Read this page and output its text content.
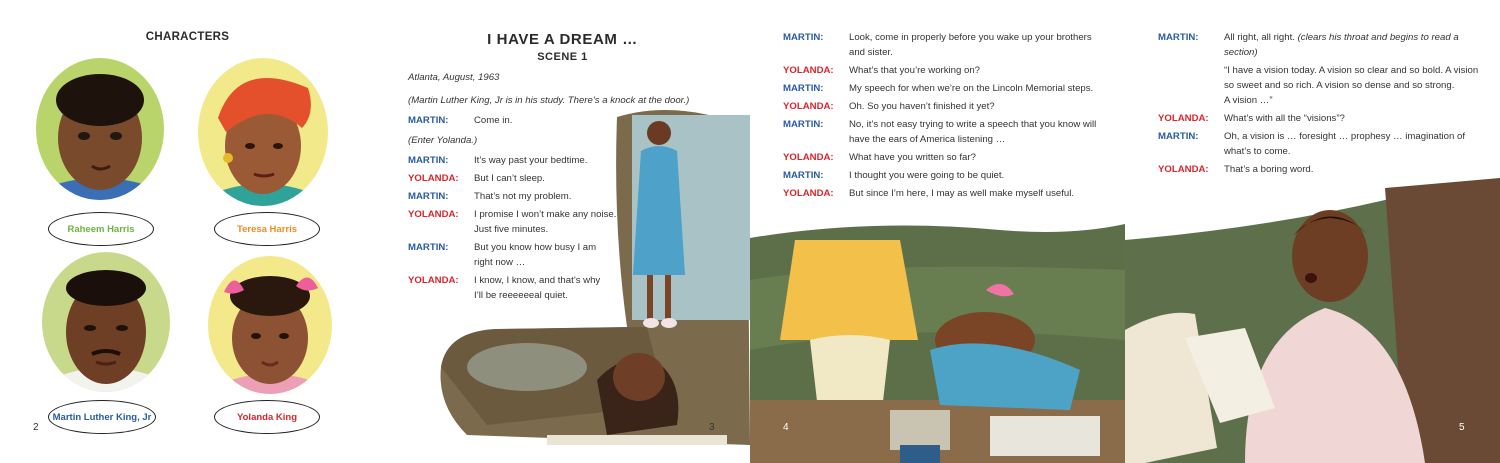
CHARACTERS
Raheem Harris	Teresa Harris
Martin Luther King, Jr	Yolanda King
2
I HAVE A DREAM …
SCENE 1
Atlanta, August, 1963
(Martin Luther King, Jr is in his study. There’s a knock at the door.)
MARTIN:	Come in.
(Enter Yolanda.)
MARTIN:	It’s way past your bedtime.
YOLANDA: But I can’t sleep.
MARTIN:	That’s not my problem.
YOLANDA: I promise I won’t make any noise.
Just five minutes.
MARTIN:	But you know how busy I am
right now …
YOLANDA: I know, I know, and that’s why
I’ll be reeeeeeal quiet.
3
MARTIN:	Look, come in properly before you wake up your brothers
and sister.
YOLANDA: What’s that you’re working on?
MARTIN:	My speech for when we’re on the Lincoln Memorial steps.
YOLANDA: Oh. So you haven’t finished it yet?
MARTIN:	No, it’s not easy trying to write a speech that you know will
have the ears of America listening …
YOLANDA: What have you written so far?
MARTIN:	I thought you were going to be quiet.
YOLANDA: But since I’m here, I may as well make myself useful.
4
MARTIN:	All right, all right. (clears his throat and begins to read a
section)
“I have a vision today. A vision so clear and so bold. A vision
so sweet and so rich. A vision so dense and so strong.
A vision …”
YOLANDA: What’s with all the “visions”?
MARTIN:	Oh, a vision is … foresight … prophesy … imagination of
what’s to come.
YOLANDA: That’s a boring word.
5
